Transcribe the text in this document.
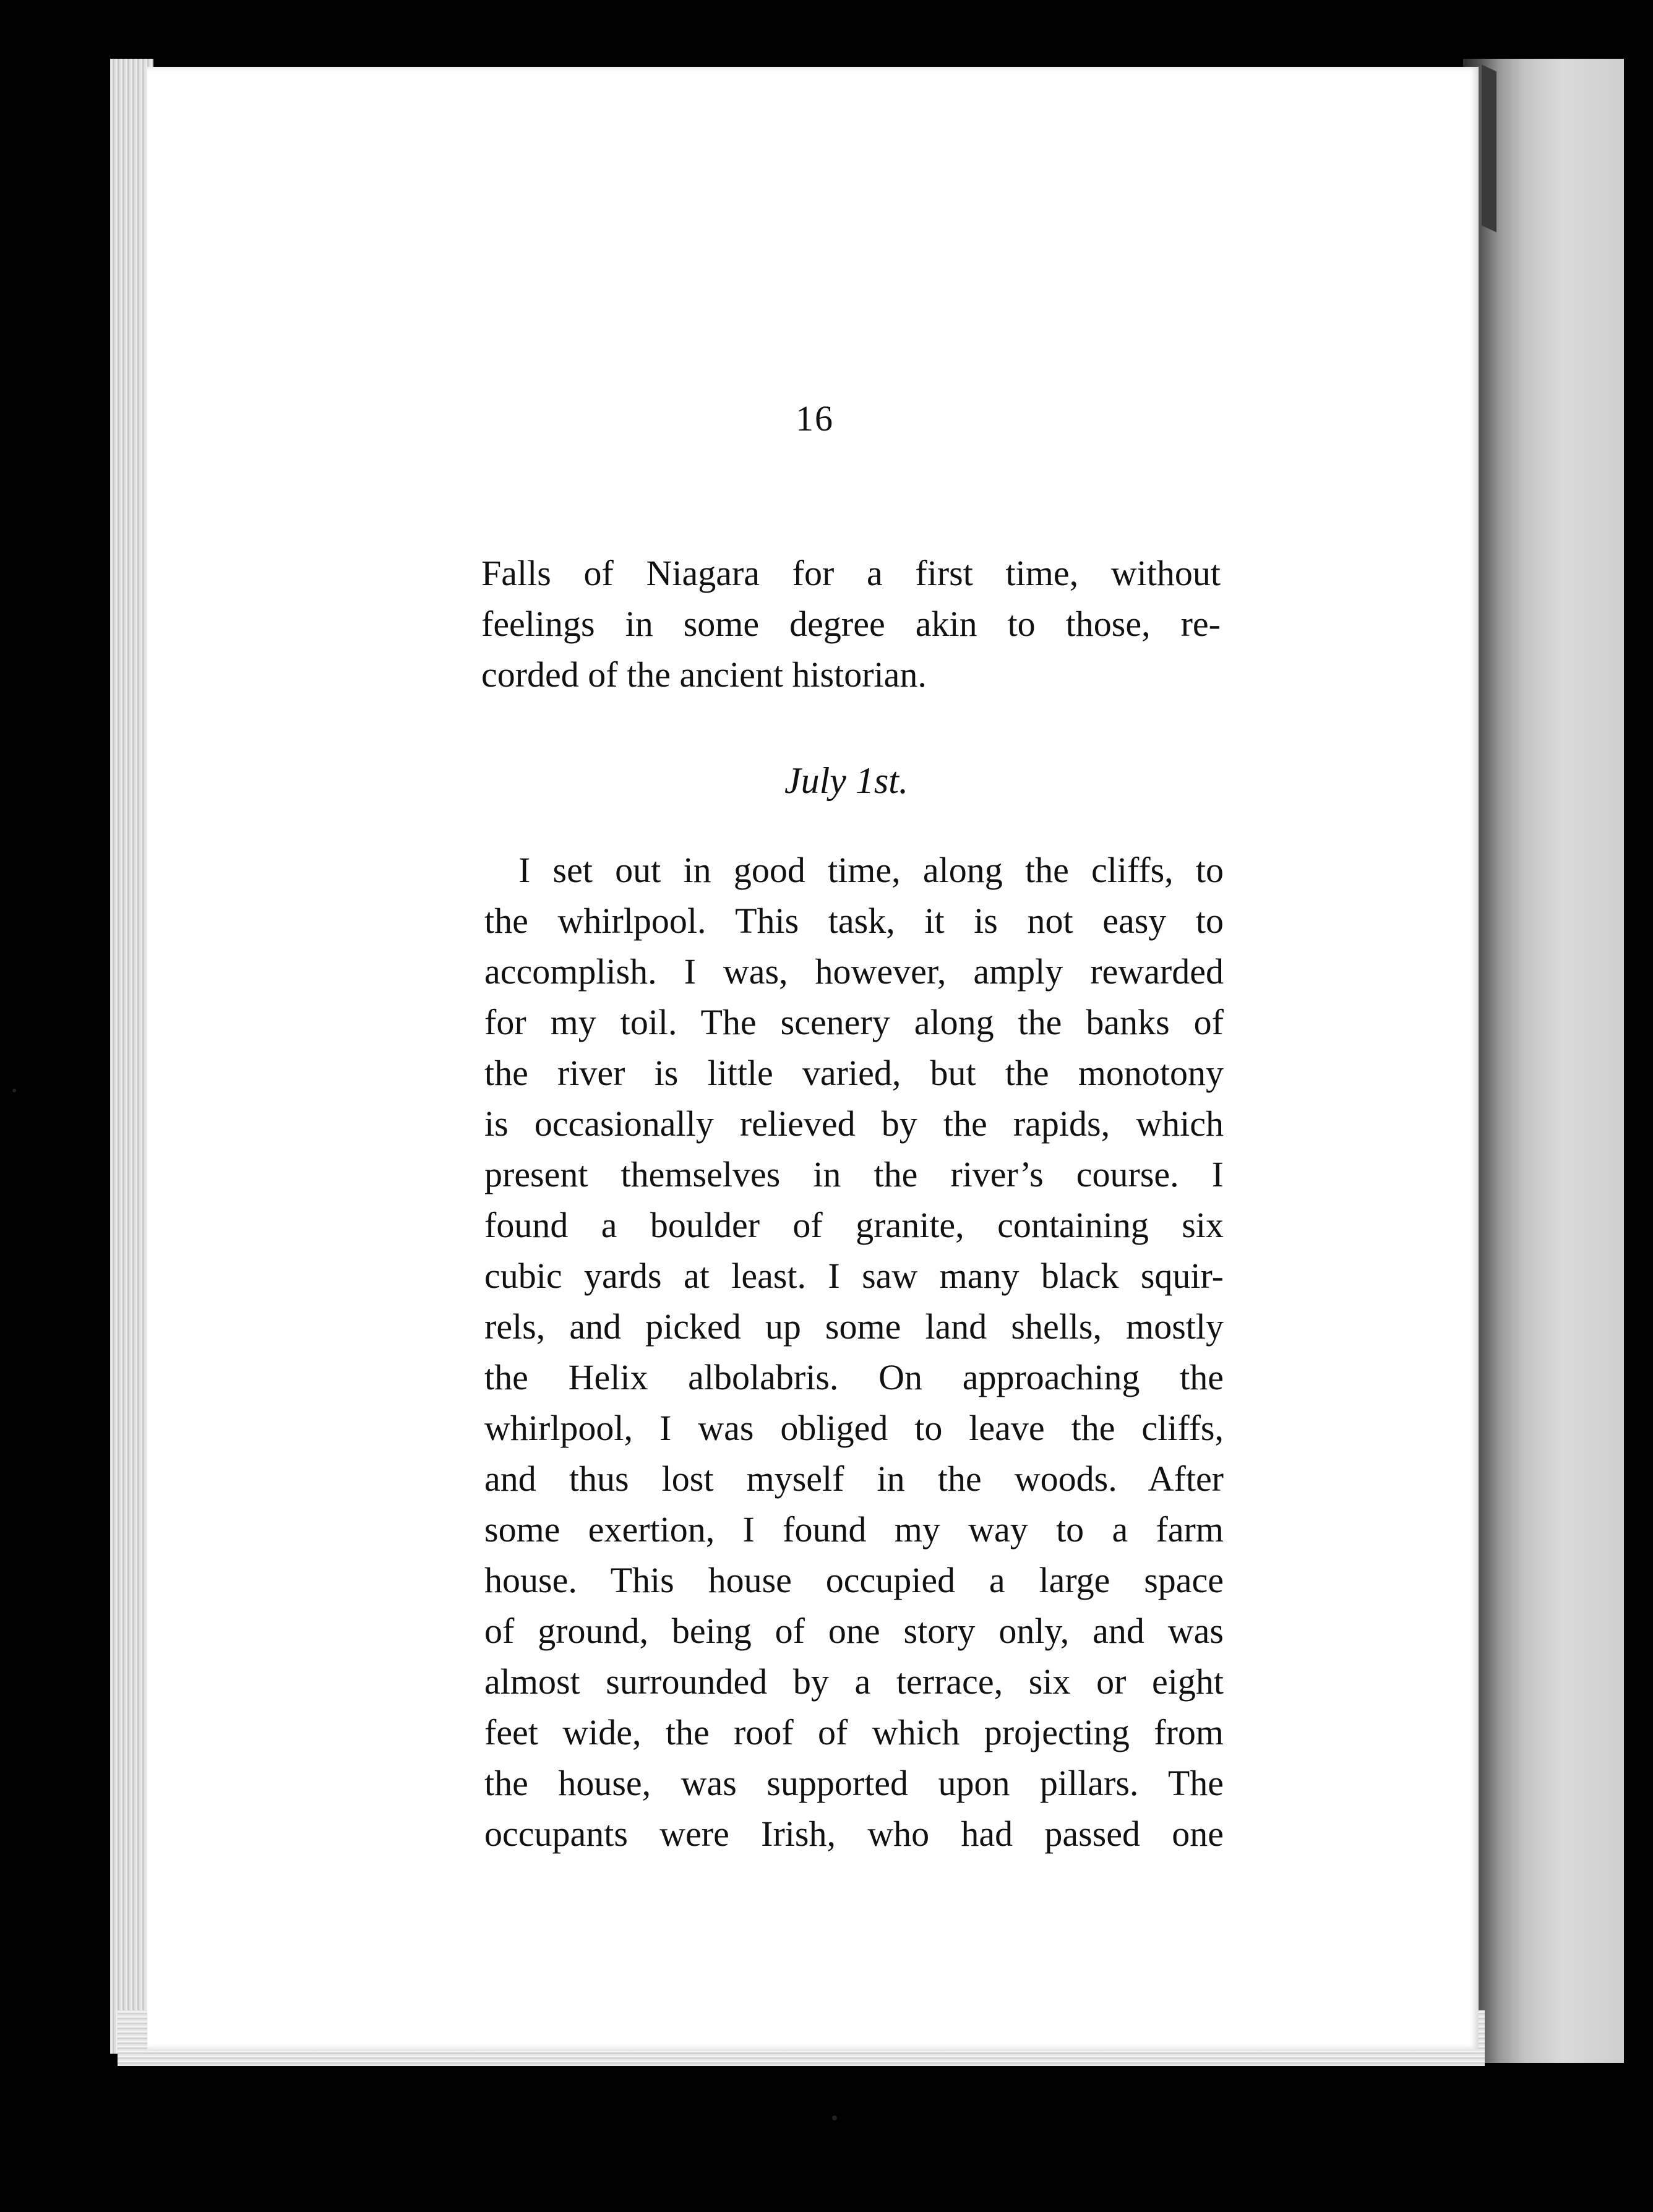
16
Falls of Niagara for a first time, without
feelings in some degree akin to those, re-
corded of the ancient historian.
July 1st.
I set out in good time, along the cliffs, to
the whirlpool. This task, it is not easy to
accomplish. I was, however, amply rewarded
for my toil. The scenery along the banks of
the river is little varied, but the monotony
is occasionally relieved by the rapids, which
present themselves in the river’s course. I
found a boulder of granite, containing six
cubic yards at least. I saw many black squir-
rels, and picked up some land shells, mostly
the Helix albolabris. On approaching the
whirlpool, I was obliged to leave the cliffs,
and thus lost myself in the woods. After
some exertion, I found my way to a farm
house. This house occupied a large space
of ground, being of one story only, and was
almost surrounded by a terrace, six or eight
feet wide, the roof of which projecting from
the house, was supported upon pillars. The
occupants were Irish, who had passed one
